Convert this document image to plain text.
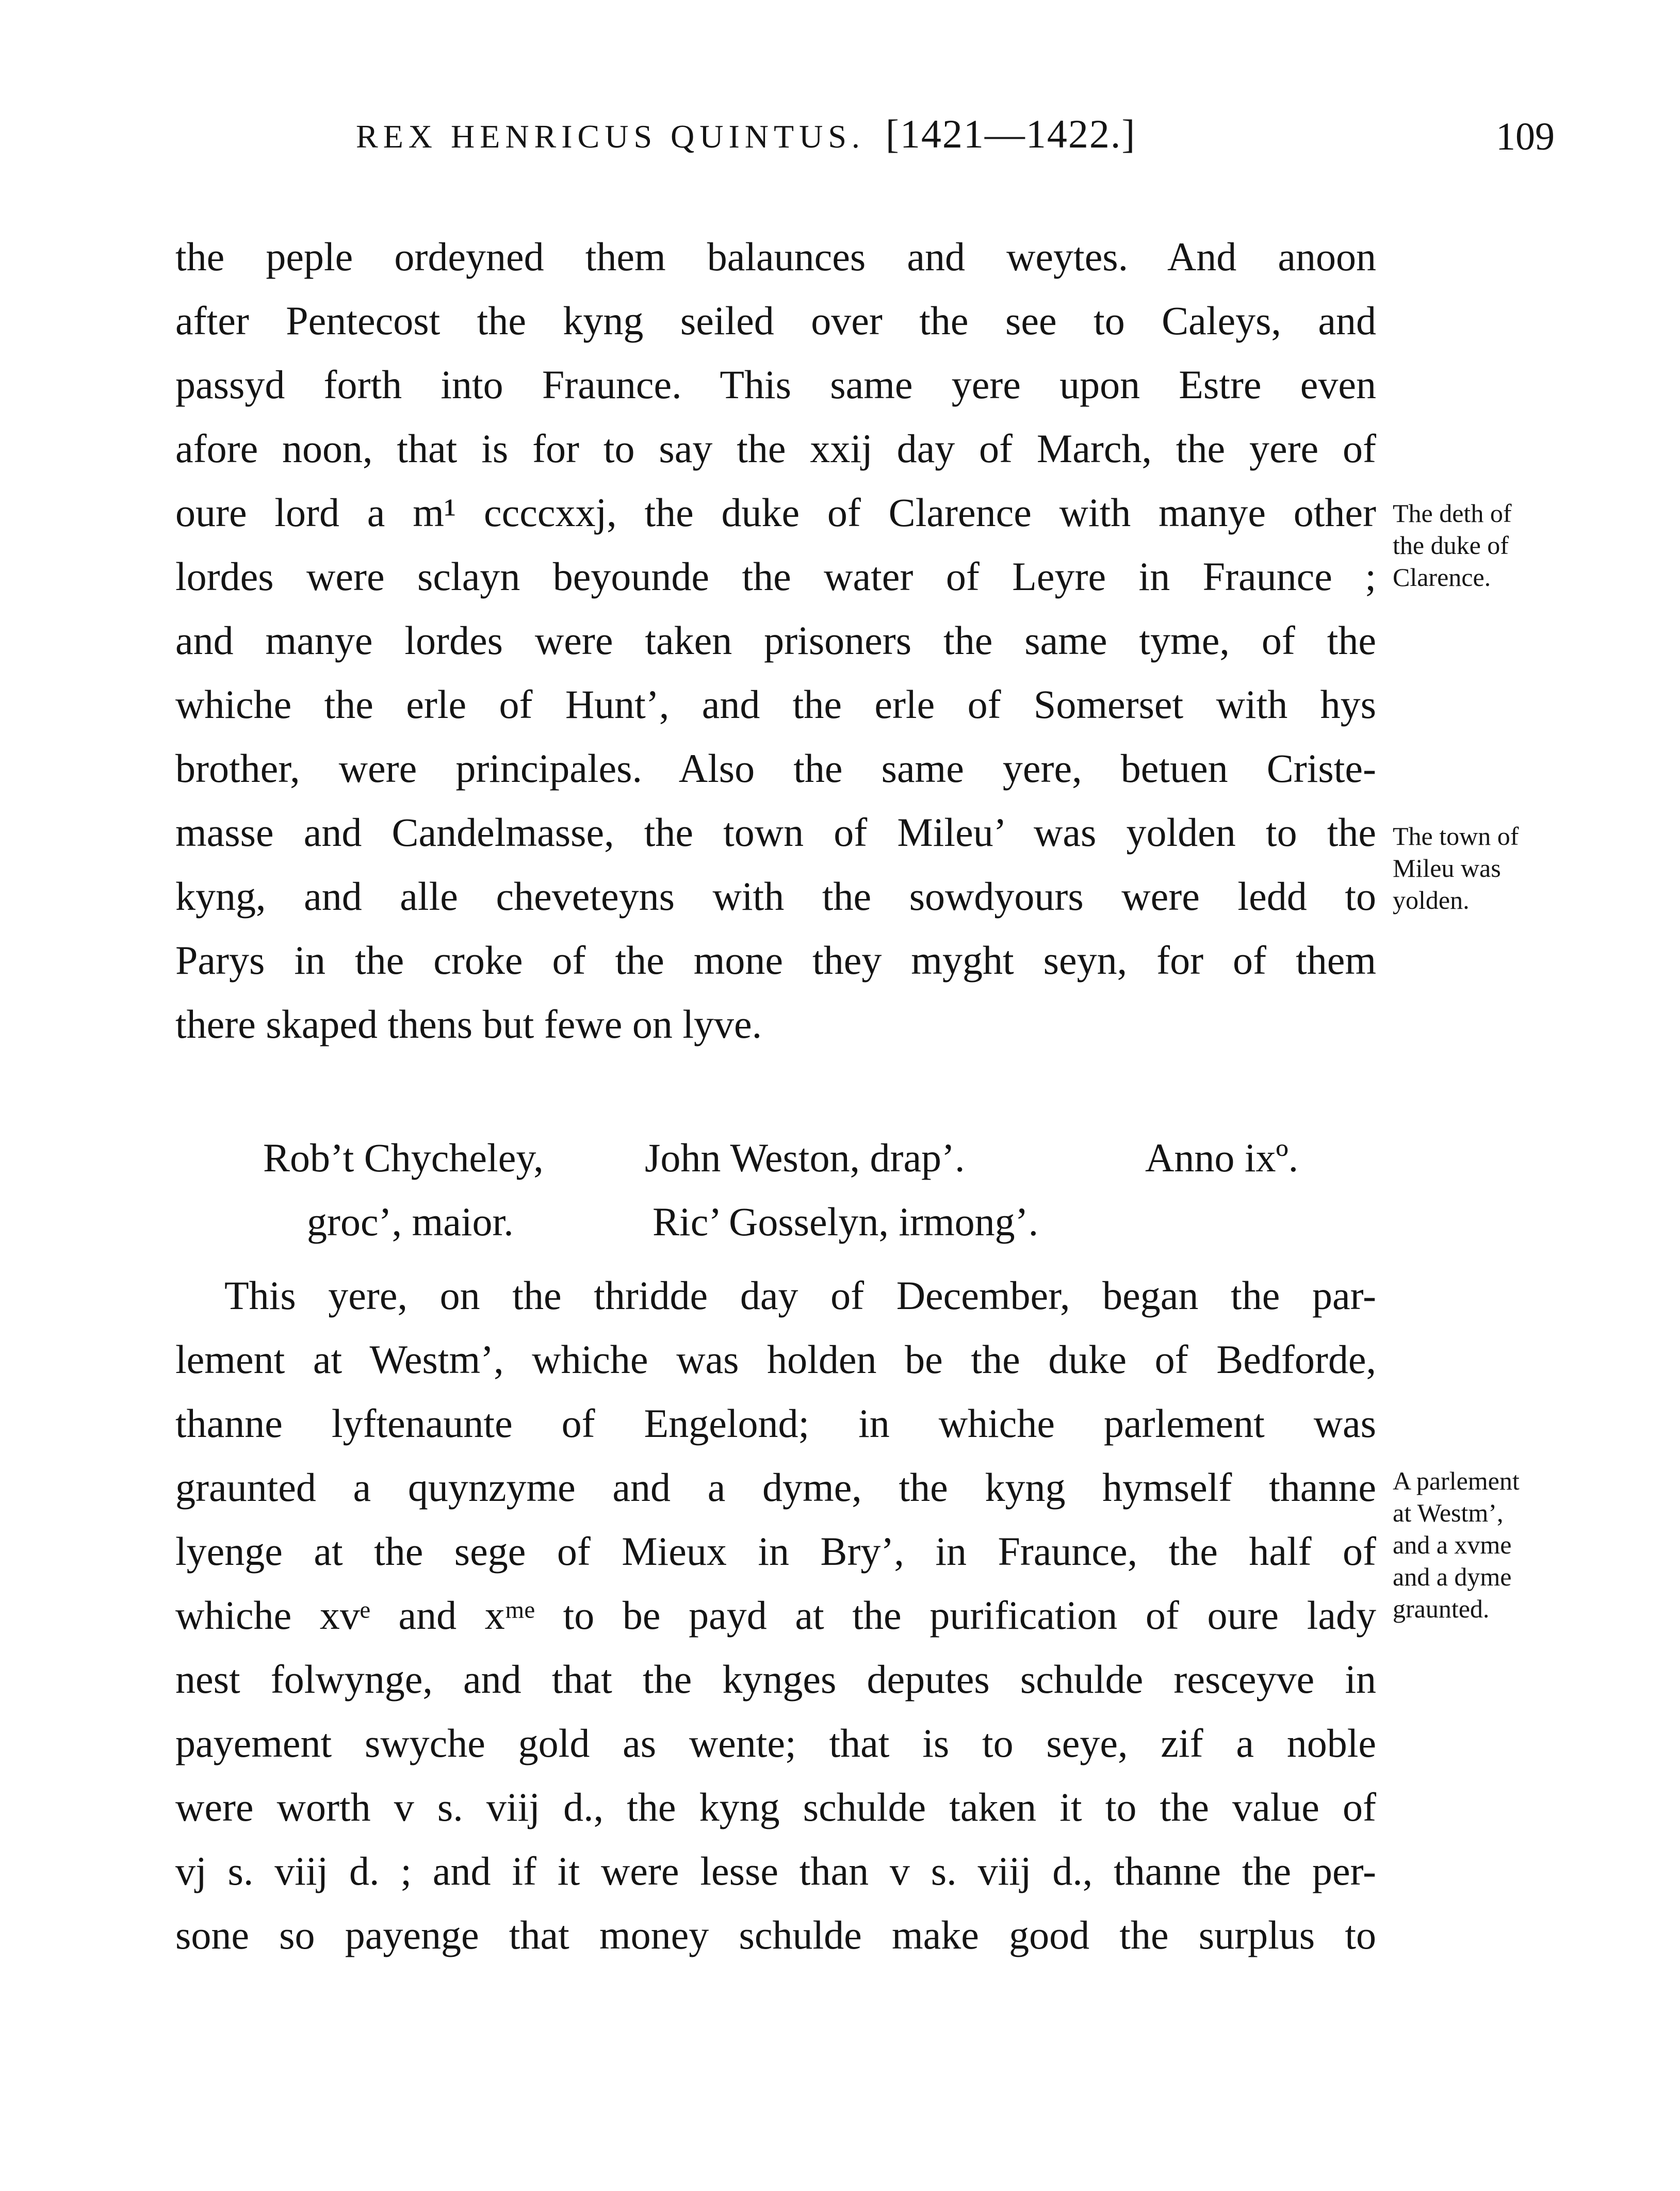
REX HENRICUS QUINTUS. [1421—1422.]	109
the peple ordeyned them balaunces and weytes. And anoon
after Pentecost the kyng seiled over the see to Caleys, and
passyd forth into Fraunce. This same yere upon Estre even
afore noon, that is for to say the xxij day of March, the yere of
oure lord a m¹ ccccxxj, the duke of Clarence with manye other
lordes were sclayn beyounde the water of Leyre in Fraunce ;
and manye lordes were taken prisoners the same tyme, of the
whiche the erle of Hunt’, and the erle of Somerset with hys
brother, were principales. Also the same yere, betuen Criste-
masse and Candelmasse, the town of Mileu’ was yolden to the
kyng, and alle cheveteyns with the sowdyours were ledd to
Parys in the croke of the mone they myght seyn, for of them
there skaped thens but fewe on lyve.
The deth of
the duke of
Clarence.
The town of
Mileu was
yolden.
Rob’t Chycheley,	John Weston, drap’.	Anno ixº.
groc’, maior.	Ric’ Gosselyn, irmong’.
This yere, on the thridde day of December, began the par-
lement at Westm’, whiche was holden be the duke of Bedforde,
thanne lyftenaunte of Engelond; in whiche parlement was
graunted a quynzyme and a dyme, the kyng hymself thanne
lyenge at the sege of Mieux in Bry’, in Fraunce, the half of
whiche xvᵉ and xᵐᵉ to be payd at the purification of oure lady
nest folwynge, and that the kynges deputes schulde resceyve in
payement swyche gold as wente; that is to seye, zif a noble
were worth v s. viij d., the kyng schulde taken it to the value of
vj s. viij d. ; and if it were lesse than v s. viij d., thanne the per-
sone so payenge that money schulde make good the surplus to
A parlement
at Westm’,
and a xvme
and a dyme
graunted.
